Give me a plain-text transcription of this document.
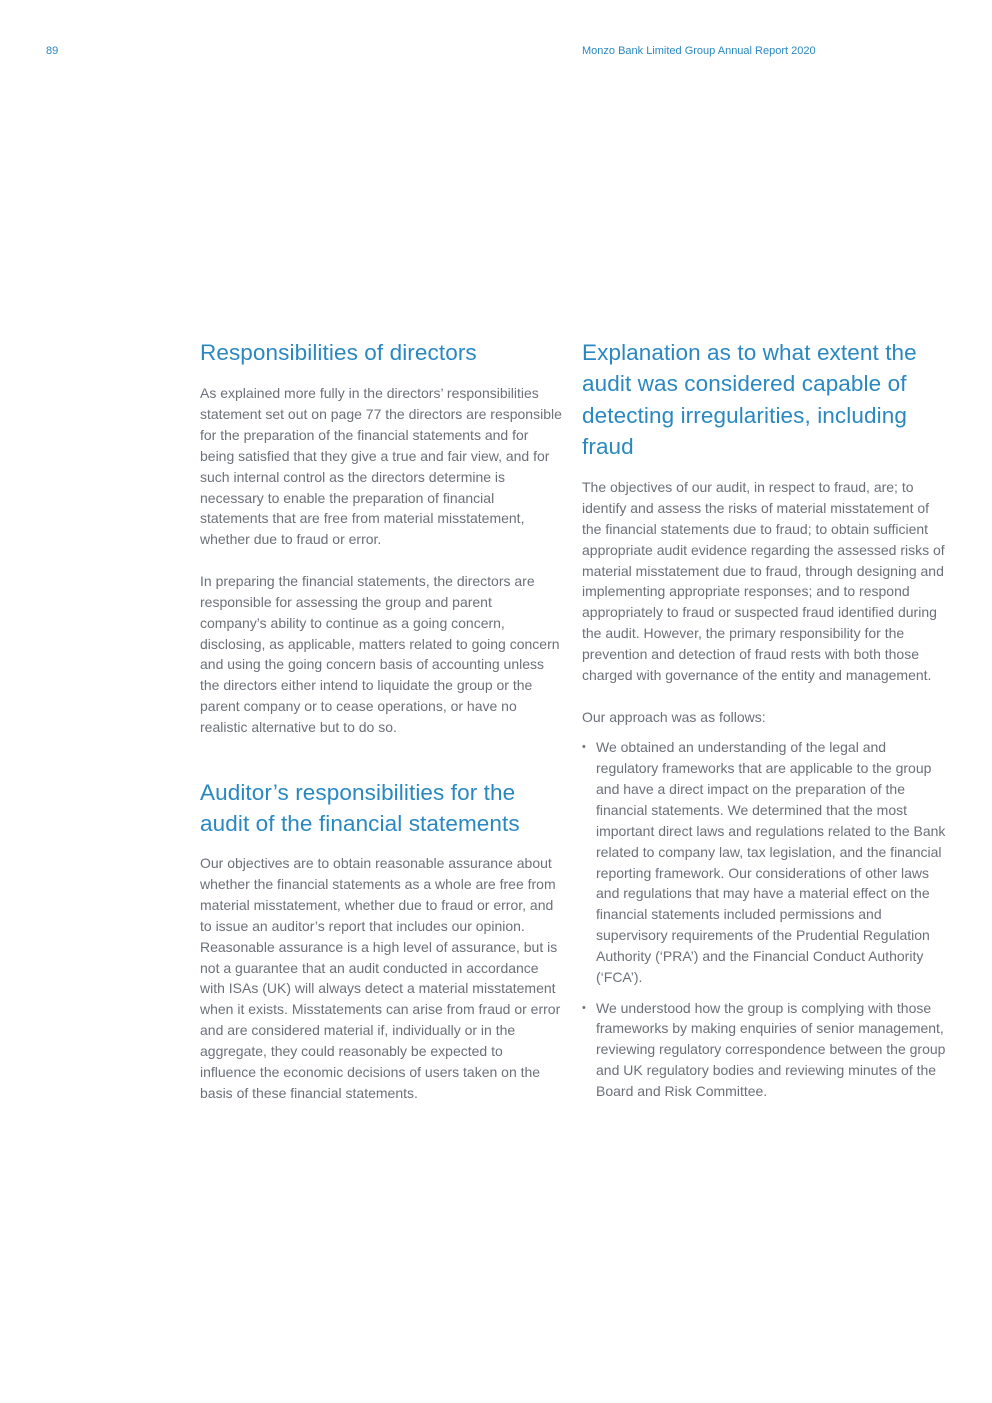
89	Monzo Bank Limited Group Annual Report 2020
Responsibilities of directors

As explained more fully in the directors’ responsibilities statement set out on page 77 the directors are responsible for the preparation of the financial statements and for being satisfied that they give a true and fair view, and for such internal control as the directors determine is necessary to enable the preparation of financial statements that are free from material misstatement, whether due to fraud or error.

In preparing the financial statements, the directors are responsible for assessing the group and parent company’s ability to continue as a going concern, disclosing, as applicable, matters related to going concern and using the going concern basis of accounting unless the directors either intend to liquidate the group or the parent company or to cease operations, or have no realistic alternative but to do so.

Auditor’s responsibilities for the audit of the financial statements

Our objectives are to obtain reasonable assurance about whether the financial statements as a whole are free from material misstatement, whether due to fraud or error, and to issue an auditor’s report that includes our opinion. Reasonable assurance is a high level of assurance, but is not a guarantee that an audit conducted in accordance with ISAs (UK) will always detect a material misstatement when it exists. Misstatements can arise from fraud or error and are considered material if, individually or in the aggregate, they could reasonably be expected to influence the economic decisions of users taken on the basis of these financial statements.

Explanation as to what extent the audit was considered capable of detecting irregularities, including fraud

The objectives of our audit, in respect to fraud, are; to identify and assess the risks of material misstatement of the financial statements due to fraud; to obtain sufficient appropriate audit evidence regarding the assessed risks of material misstatement due to fraud, through designing and implementing appropriate responses; and to respond appropriately to fraud or suspected fraud identified during the audit. However, the primary responsibility for the prevention and detection of fraud rests with both those charged with governance of the entity and management.

Our approach was as follows:

• We obtained an understanding of the legal and regulatory frameworks that are applicable to the group and have a direct impact on the preparation of the financial statements. We determined that the most important direct laws and regulations related to the Bank related to company law, tax legislation, and the financial reporting framework. Our considerations of other laws and regulations that may have a material effect on the financial statements included permissions and supervisory requirements of the Prudential Regulation Authority (‘PRA’) and the Financial Conduct Authority (‘FCA’).
• We understood how the group is complying with those frameworks by making enquiries of senior management, reviewing regulatory correspondence between the group and UK regulatory bodies and reviewing minutes of the Board and Risk Committee.
